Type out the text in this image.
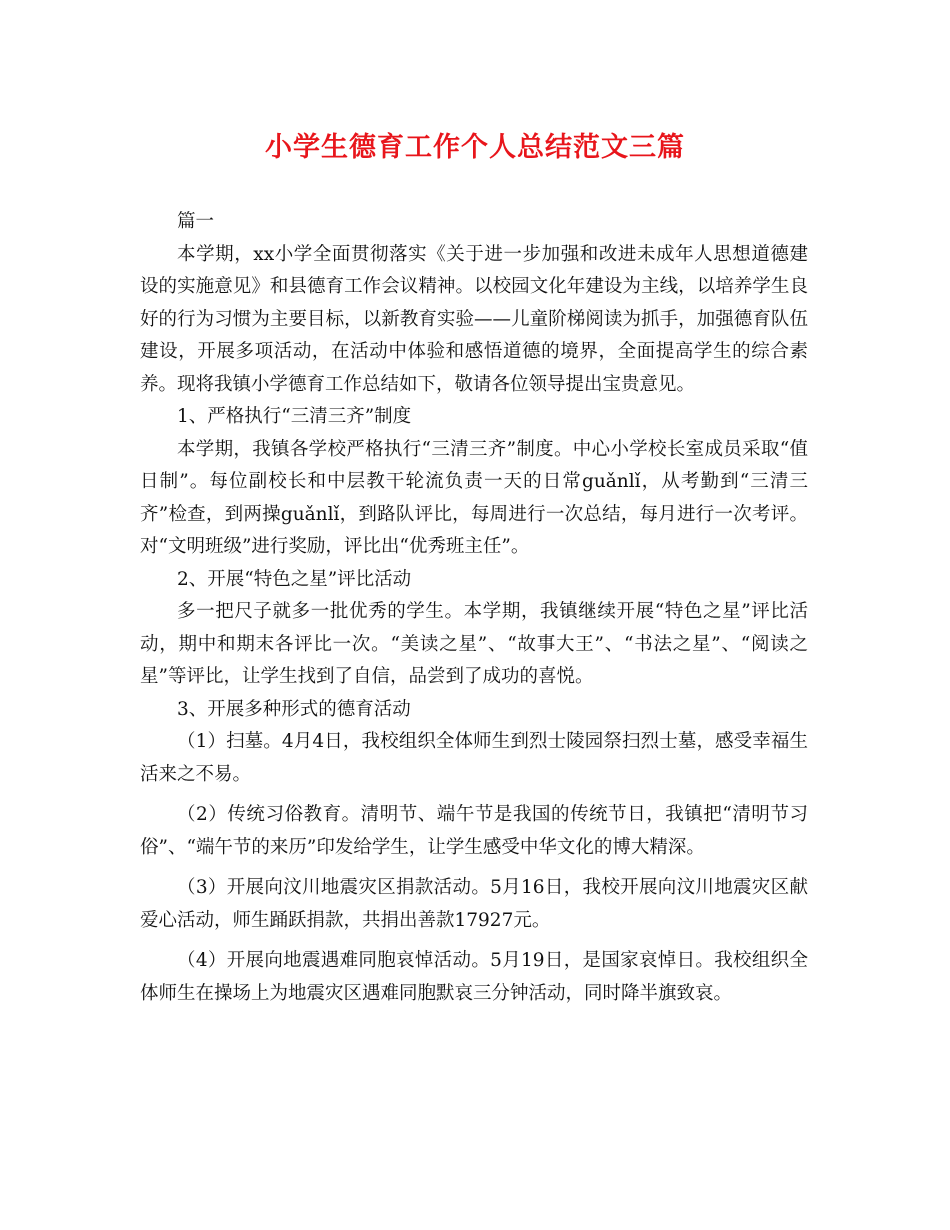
小学生德育工作个人总结范文三篇

篇一

本学期，xx小学全面贯彻落实《关于进一步加强和改进未成年人思想道德建设的实施意见》和县德育工作会议精神。以校园文化年建设为主线，以培养学生良好的行为习惯为主要目标，以新教育实验——儿童阶梯阅读为抓手，加强德育队伍建设，开展多项活动，在活动中体验和感悟道德的境界，全面提高学生的综合素养。现将我镇小学德育工作总结如下，敬请各位领导提出宝贵意见。

1、严格执行“三清三齐”制度

本学期，我镇各学校严格执行“三清三齐”制度。中心小学校长室成员采取“值日制”。每位副校长和中层教干轮流负责一天的日常guǎnlǐ，从考勤到“三清三齐”检查，到两操guǎnlǐ，到路队评比，每周进行一次总结，每月进行一次考评。对“文明班级”进行奖励，评比出“优秀班主任”。

2、开展“特色之星”评比活动

多一把尺子就多一批优秀的学生。本学期，我镇继续开展“特色之星”评比活动，期中和期末各评比一次。“美读之星”、“故事大王”、“书法之星”、“阅读之星”等评比，让学生找到了自信，品尝到了成功的喜悦。

3、开展多种形式的德育活动

（1）扫墓。4月4日，我校组织全体师生到烈士陵园祭扫烈士墓，感受幸福生活来之不易。

（2）传统习俗教育。清明节、端午节是我国的传统节日，我镇把“清明节习俗”、“端午节的来历”印发给学生，让学生感受中华文化的博大精深。

（3）开展向汶川地震灾区捐款活动。5月16日，我校开展向汶川地震灾区献爱心活动，师生踊跃捐款，共捐出善款17927元。

（4）开展向地震遇难同胞哀悼活动。5月19日，是国家哀悼日。我校组织全体师生在操场上为地震灾区遇难同胞默哀三分钟活动，同时降半旗致哀。
